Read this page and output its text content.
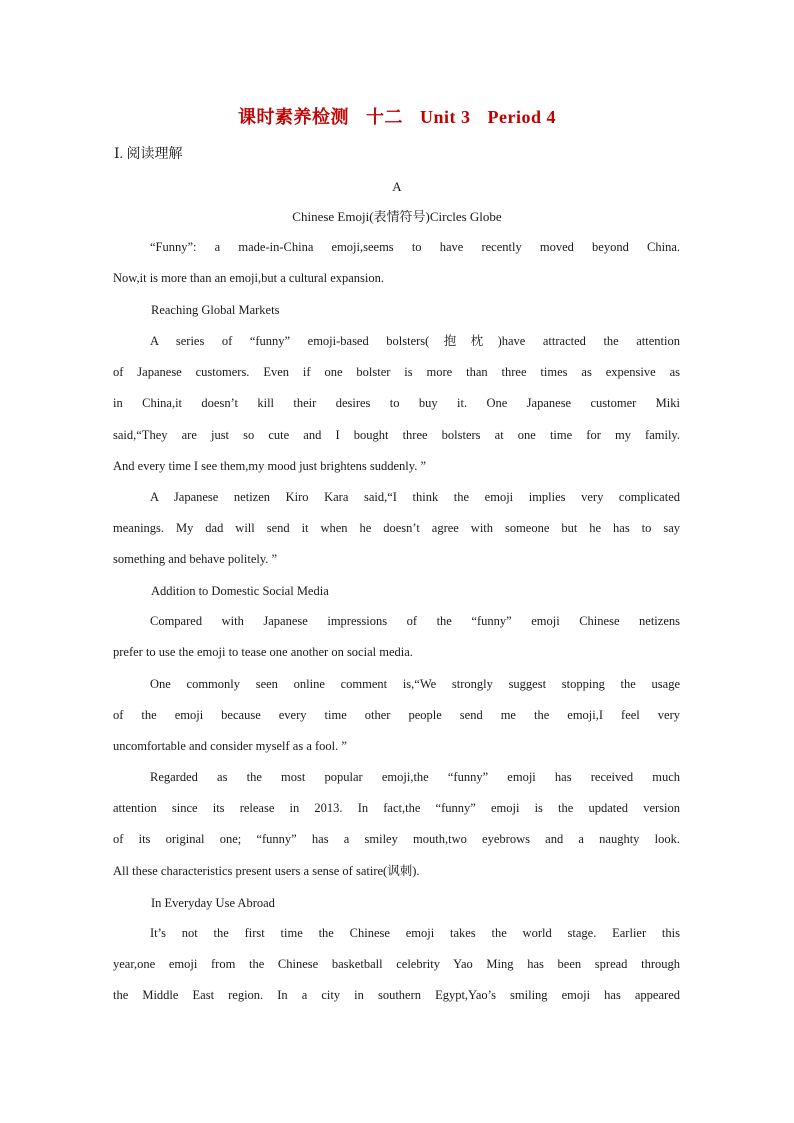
课时素养检测 十二 Unit 3 Period 4
Ⅰ. 阅读理解
A
Chinese Emoji(表情符号)Circles Globe
“Funny”: a made-in-China emoji,seems to have recently moved beyond China.
Now,it is more than an emoji,but a cultural expansion.
Reaching Global Markets
A series of “funny” emoji-based bolsters(抱枕)have attracted the attention
of Japanese customers. Even if one bolster is more than three times as expensive as
in China,it doesn’t kill their desires to buy it. One Japanese customer Miki
said,“They are just so cute and I bought three bolsters at one time for my family.
And every time I see them,my mood just brightens suddenly. ”
A Japanese netizen Kiro Kara said,“I think the emoji implies very complicated
meanings. My dad will send it when he doesn’t agree with someone but he has to say
something and behave politely. ”
Addition to Domestic Social Media
Compared with Japanese impressions of the “funny” emoji Chinese netizens
prefer to use the emoji to tease one another on social media.
One commonly seen online comment is,“We strongly suggest stopping the usage
of the emoji because every time other people send me the emoji,I feel very
uncomfortable and consider myself as a fool. ”
Regarded as the most popular emoji,the “funny” emoji has received much
attention since its release in 2013. In fact,the “funny” emoji is the updated version
of its original one; “funny” has a smiley mouth,two eyebrows and a naughty look.
All these characteristics present users a sense of satire(讽刺).
In Everyday Use Abroad
It’s not the first time the Chinese emoji takes the world stage. Earlier this
year,one emoji from the Chinese basketball celebrity Yao Ming has been spread through
the Middle East region. In a city in southern Egypt,Yao’s smiling emoji has appeared
